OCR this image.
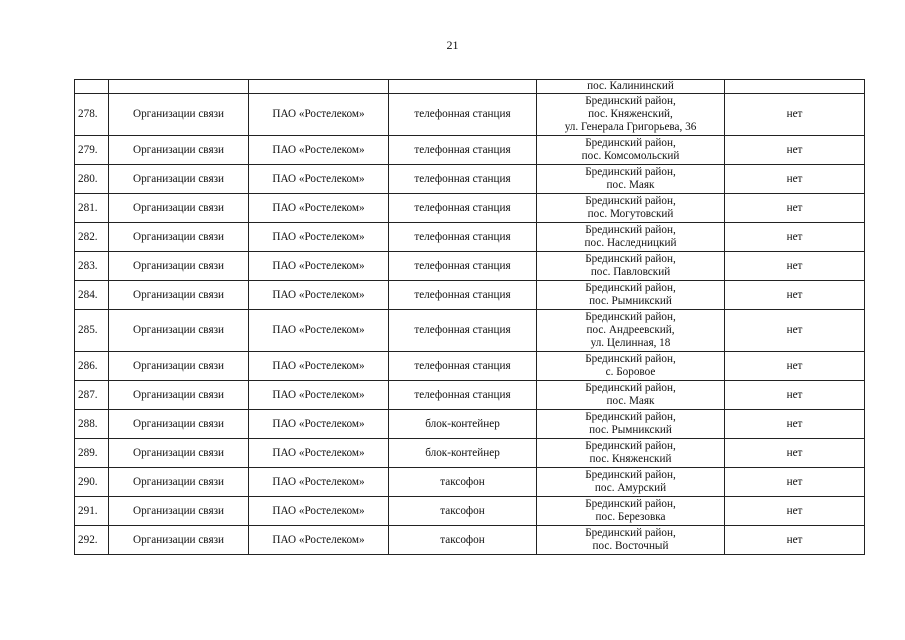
21
				пос. Калининский	
278.	Организации связи	ПАО «Ростелеком»	телефонная станция	Брединский район,
пос. Княженский,
ул. Генерала Григорьева, 36	нет
279.	Организации связи	ПАО «Ростелеком»	телефонная станция	Брединский район,
пос. Комсомольский	нет
280.	Организации связи	ПАО «Ростелеком»	телефонная станция	Брединский район,
пос. Маяк	нет
281.	Организации связи	ПАО «Ростелеком»	телефонная станция	Брединский район,
пос. Могутовский	нет
282.	Организации связи	ПАО «Ростелеком»	телефонная станция	Брединский район,
пос. Наследницкий	нет
283.	Организации связи	ПАО «Ростелеком»	телефонная станция	Брединский район,
пос. Павловский	нет
284.	Организации связи	ПАО «Ростелеком»	телефонная станция	Брединский район,
пос. Рымникский	нет
285.	Организации связи	ПАО «Ростелеком»	телефонная станция	Брединский район,
пос. Андреевский,
ул. Целинная, 18	нет
286.	Организации связи	ПАО «Ростелеком»	телефонная станция	Брединский район,
с. Боровое	нет
287.	Организации связи	ПАО «Ростелеком»	телефонная станция	Брединский район,
пос. Маяк	нет
288.	Организации связи	ПАО «Ростелеком»	блок-контейнер	Брединский район,
пос. Рымникский	нет
289.	Организации связи	ПАО «Ростелеком»	блок-контейнер	Брединский район,
пос. Княженский	нет
290.	Организации связи	ПАО «Ростелеком»	таксофон	Брединский район,
пос. Амурский	нет
291.	Организации связи	ПАО «Ростелеком»	таксофон	Брединский район,
пос. Березовка	нет
292.	Организации связи	ПАО «Ростелеком»	таксофон	Брединский район,
пос. Восточный	нет
